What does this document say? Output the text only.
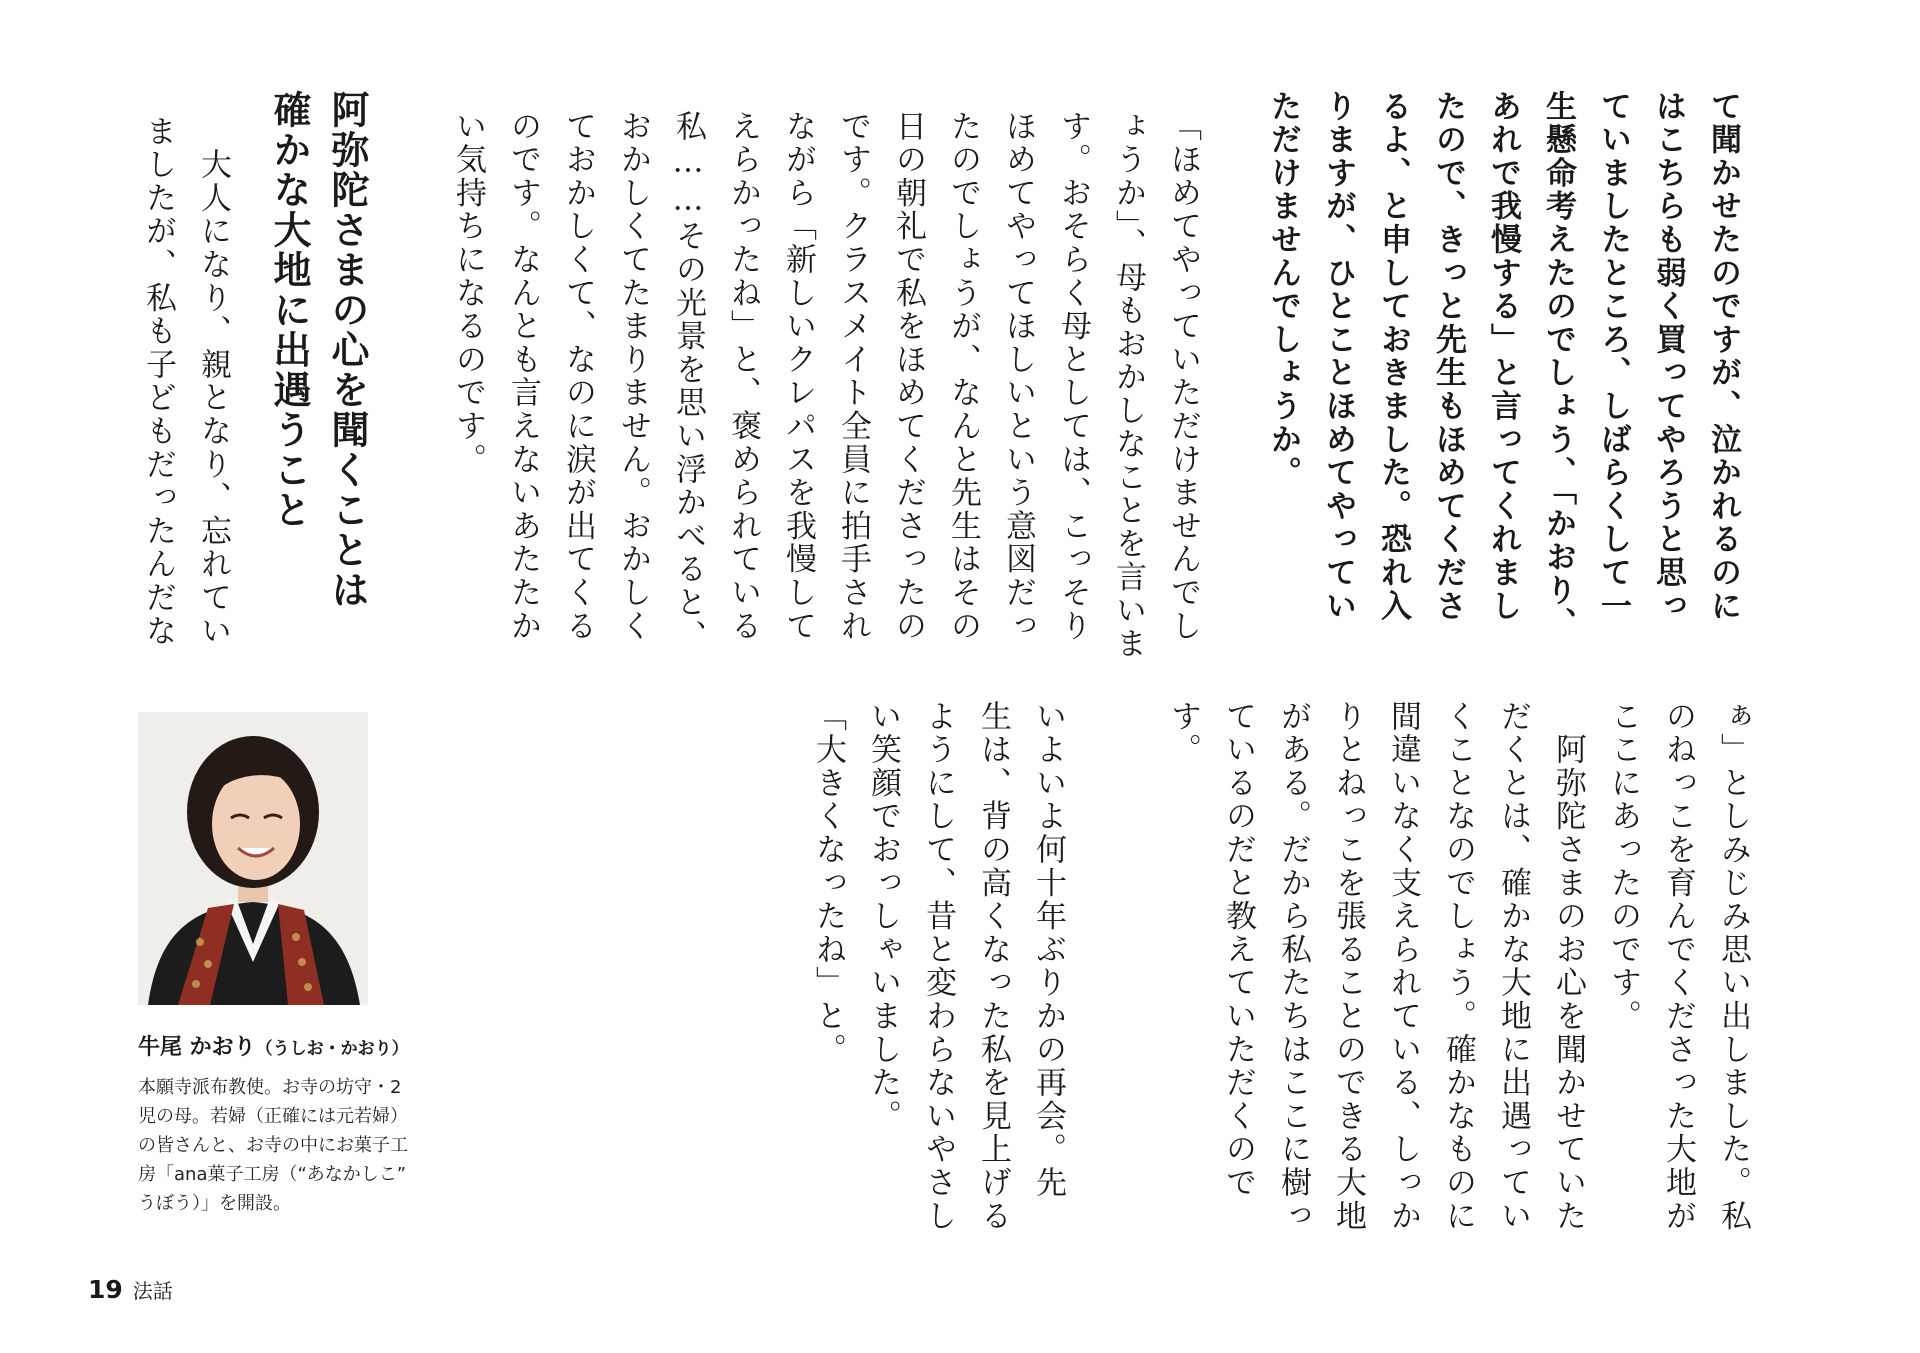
て聞かせたのですが、泣かれるのに
はこちらも弱く買ってやろうと思っ
ていましたところ、しばらくして一
生懸命考えたのでしょう、「かおり、
あれで我慢する」と言ってくれまし
たので、きっと先生もほめてくださ
るよ、と申しておきました。恐れ入
りますが、ひとことほめてやってい
ただけませんでしょうか。

「ほめてやっていただけませんでし
ょうか」、母もおかしなことを言いま
す。おそらく母としては、こっそり
ほめてやってほしいという意図だっ
たのでしょうが、なんと先生はその
日の朝礼で私をほめてくださったの
です。クラスメイト全員に拍手され
ながら「新しいクレパスを我慢して
えらかったね」と、褒められている
私……その光景を思い浮かべると、
おかしくてたまりません。おかしく
ておかしくて、なのに涙が出てくる
のです。なんとも言えないあたたか
い気持ちになるのです。

阿弥陀さまの心を聞くことは
確かな大地に出遇うこと

　大人になり、親となり、忘れてい
ましたが、私も子どもだったんだな

ぁ」としみじみ思い出しました。私
のねっこを育んでくださった大地が
ここにあったのです。
　阿弥陀さまのお心を聞かせていた
だくとは、確かな大地に出遇ってい
くことなのでしょう。確かなものに
間違いなく支えられている、しっか
りとねっこを張ることのできる大地
がある。だから私たちはここに樹っ
ているのだと教えていただくので
す。

いよいよ何十年ぶりかの再会。先
生は、背の高くなった私を見上げる
ようにして、昔と変わらないやさし
い笑顔でおっしゃいました。
「大きくなったね」と。

牛尾 かおり（うしお・かおり）

本願寺派布教使。お寺の坊守・2
児の母。若婦（正確には元若婦）
の皆さんと、お寺の中にお菓子工
房「ana菓子工房（“あなかしこ”
うぼう）」を開設。

19 法話
